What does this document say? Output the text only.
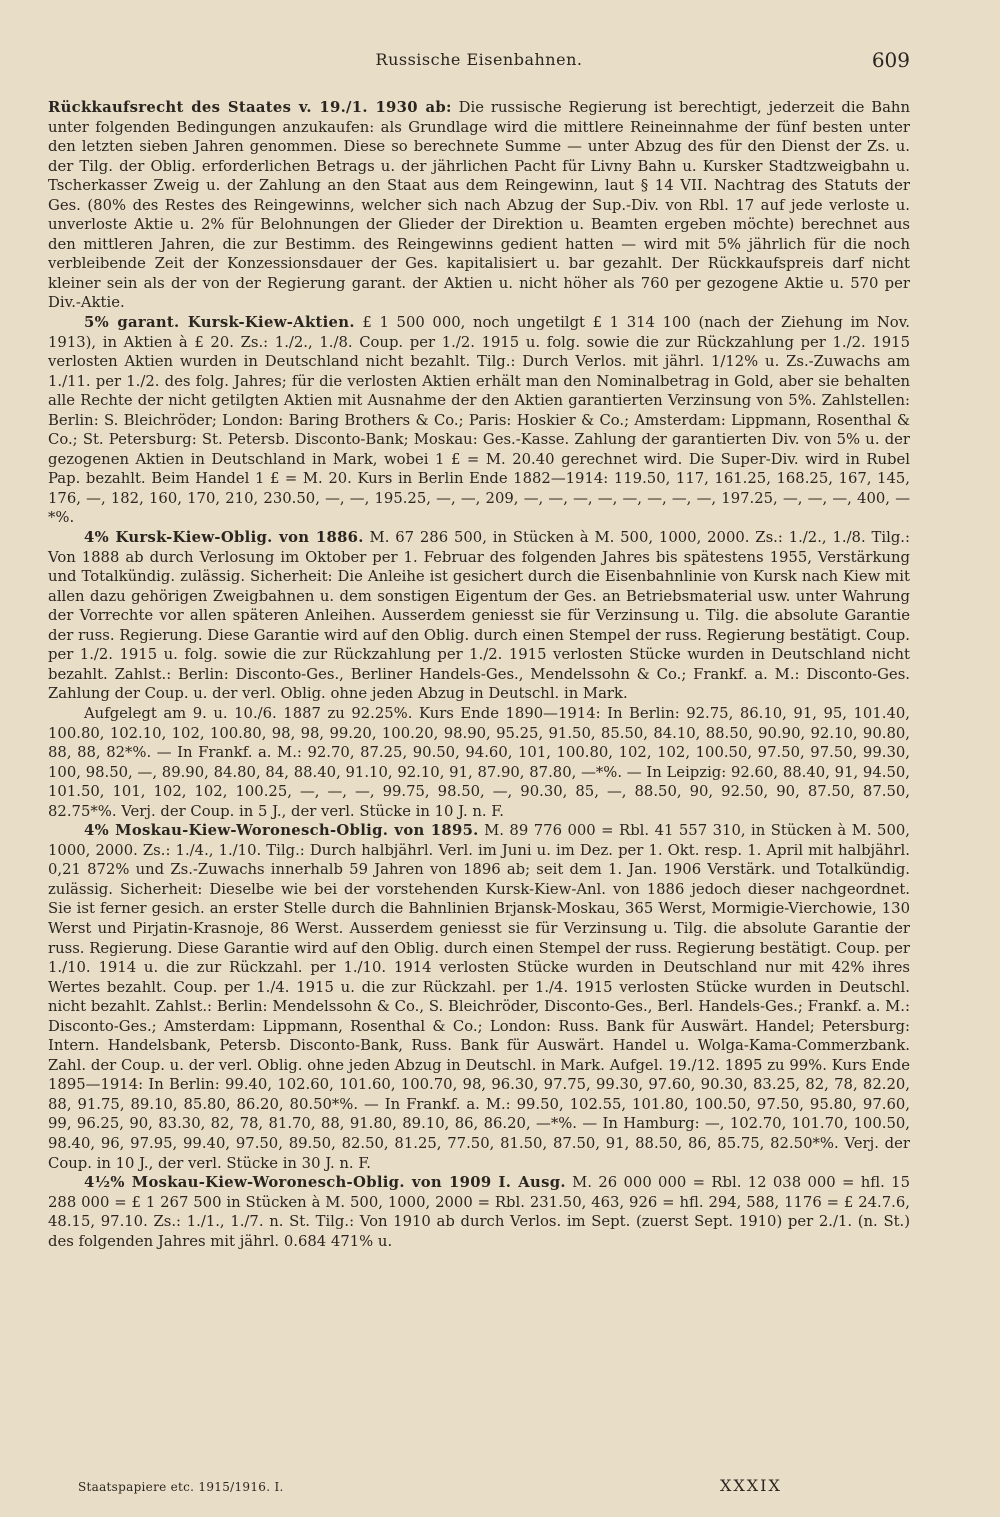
Russische Eisenbahnen.	609

Rückkaufsrecht des Staates v. 19./1. 1930 ab: Die russische Regierung ist berechtigt, jederzeit die Bahn unter folgenden Bedingungen anzukaufen: als Grundlage wird die mittlere Reineinnahme der fünf besten unter den letzten sieben Jahren genommen. Diese so berechnete Summe — unter Abzug des für den Dienst der Zs. u. der Tilg. der Oblig. erforderlichen Betrags u. der jährlichen Pacht für Livny Bahn u. Kursker Stadtzweigbahn u. Tscherkasser Zweig u. der Zahlung an den Staat aus dem Reingewinn, laut § 14 VII. Nachtrag des Statuts der Ges. (80% des Restes des Reingewinns, welcher sich nach Abzug der Sup.-Div. von Rbl. 17 auf jede verloste u. unverloste Aktie u. 2% für Belohnungen der Glieder der Direktion u. Beamten ergeben möchte) berechnet aus den mittleren Jahren, die zur Bestimm. des Reingewinns gedient hatten — wird mit 5% jährlich für die noch verbleibende Zeit der Konzessionsdauer der Ges. kapitalisiert u. bar gezahlt. Der Rückkaufspreis darf nicht kleiner sein als der von der Regierung garant. der Aktien u. nicht höher als 760 per gezogene Aktie u. 570 per Div.-Aktie.

5% garant. Kursk-Kiew-Aktien. £ 1 500 000, noch ungetilgt £ 1 314 100 (nach der Ziehung im Nov. 1913), in Aktien à £ 20. Zs.: 1./2., 1./8. Coup. per 1./2. 1915 u. folg. sowie die zur Rückzahlung per 1./2. 1915 verlosten Aktien wurden in Deutschland nicht bezahlt. Tilg.: Durch Verlos. mit jährl. 1/12% u. Zs.-Zuwachs am 1./11. per 1./2. des folg. Jahres; für die verlosten Aktien erhält man den Nominalbetrag in Gold, aber sie behalten alle Rechte der nicht getilgten Aktien mit Ausnahme der den Aktien garantierten Verzinsung von 5%. Zahlstellen: Berlin: S. Bleichröder; London: Baring Brothers & Co.; Paris: Hoskier & Co.; Amsterdam: Lippmann, Rosenthal & Co.; St. Petersburg: St. Petersb. Disconto-Bank; Moskau: Ges.-Kasse. Zahlung der garantierten Div. von 5% u. der gezogenen Aktien in Deutschland in Mark, wobei 1 £ = M. 20.40 gerechnet wird. Die Super-Div. wird in Rubel Pap. bezahlt. Beim Handel 1 £ = M. 20. Kurs in Berlin Ende 1882—1914: 119.50, 117, 161.25, 168.25, 167, 145, 176, —, 182, 160, 170, 210, 230.50, —, —, 195.25, —, —, 209, —, —, —, —, —, —, —, —, 197.25, —, —, —, 400, —*%.

4% Kursk-Kiew-Oblig. von 1886. M. 67 286 500, in Stücken à M. 500, 1000, 2000. Zs.: 1./2., 1./8. Tilg.: Von 1888 ab durch Verlosung im Oktober per 1. Februar des folgenden Jahres bis spätestens 1955, Verstärkung und Totalkündig. zulässig. Sicherheit: Die Anleihe ist gesichert durch die Eisenbahnlinie von Kursk nach Kiew mit allen dazu gehörigen Zweigbahnen u. dem sonstigen Eigentum der Ges. an Betriebsmaterial usw. unter Wahrung der Vorrechte vor allen späteren Anleihen. Ausserdem geniesst sie für Verzinsung u. Tilg. die absolute Garantie der russ. Regierung. Diese Garantie wird auf den Oblig. durch einen Stempel der russ. Regierung bestätigt. Coup. per 1./2. 1915 u. folg. sowie die zur Rückzahlung per 1./2. 1915 verlosten Stücke wurden in Deutschland nicht bezahlt. Zahlst.: Berlin: Disconto-Ges., Berliner Handels-Ges., Mendelssohn & Co.; Frankf. a. M.: Disconto-Ges. Zahlung der Coup. u. der verl. Oblig. ohne jeden Abzug in Deutschl. in Mark.

Aufgelegt am 9. u. 10./6. 1887 zu 92.25%. Kurs Ende 1890—1914: In Berlin: 92.75, 86.10, 91, 95, 101.40, 100.80, 102.10, 102, 100.80, 98, 98, 99.20, 100.20, 98.90, 95.25, 91.50, 85.50, 84.10, 88.50, 90.90, 92.10, 90.80, 88, 88, 82*%. — In Frankf. a. M.: 92.70, 87.25, 90.50, 94.60, 101, 100.80, 102, 102, 100.50, 97.50, 97.50, 99.30, 100, 98.50, —, 89.90, 84.80, 84, 88.40, 91.10, 92.10, 91, 87.90, 87.80, —*%. — In Leipzig: 92.60, 88.40, 91, 94.50, 101.50, 101, 102, 102, 100.25, —, —, —, 99.75, 98.50, —, 90.30, 85, —, 88.50, 90, 92.50, 90, 87.50, 87.50, 82.75*%. Verj. der Coup. in 5 J., der verl. Stücke in 10 J. n. F.

4% Moskau-Kiew-Woronesch-Oblig. von 1895. M. 89 776 000 = Rbl. 41 557 310, in Stücken à M. 500, 1000, 2000. Zs.: 1./4., 1./10. Tilg.: Durch halbjährl. Verl. im Juni u. im Dez. per 1. Okt. resp. 1. April mit halbjährl. 0,21 872% und Zs.-Zuwachs innerhalb 59 Jahren von 1896 ab; seit dem 1. Jan. 1906 Verstärk. und Totalkündig. zulässig. Sicherheit: Dieselbe wie bei der vorstehenden Kursk-Kiew-Anl. von 1886 jedoch dieser nachgeordnet. Sie ist ferner gesich. an erster Stelle durch die Bahnlinien Brjansk-Moskau, 365 Werst, Mormigie-Vierchowie, 130 Werst und Pirjatin-Krasnoje, 86 Werst. Ausserdem geniesst sie für Verzinsung u. Tilg. die absolute Garantie der russ. Regierung. Diese Garantie wird auf den Oblig. durch einen Stempel der russ. Regierung bestätigt. Coup. per 1./10. 1914 u. die zur Rückzahl. per 1./10. 1914 verlosten Stücke wurden in Deutschland nur mit 42% ihres Wertes bezahlt. Coup. per 1./4. 1915 u. die zur Rückzahl. per 1./4. 1915 verlosten Stücke wurden in Deutschl. nicht bezahlt. Zahlst.: Berlin: Mendelssohn & Co., S. Bleichröder, Disconto-Ges., Berl. Handels-Ges.; Frankf. a. M.: Disconto-Ges.; Amsterdam: Lippmann, Rosenthal & Co.; London: Russ. Bank für Auswärt. Handel; Petersburg: Intern. Handelsbank, Petersb. Disconto-Bank, Russ. Bank für Auswärt. Handel u. Wolga-Kama-Commerzbank. Zahl. der Coup. u. der verl. Oblig. ohne jeden Abzug in Deutschl. in Mark. Aufgel. 19./12. 1895 zu 99%. Kurs Ende 1895—1914: In Berlin: 99.40, 102.60, 101.60, 100.70, 98, 96.30, 97.75, 99.30, 97.60, 90.30, 83.25, 82, 78, 82.20, 88, 91.75, 89.10, 85.80, 86.20, 80.50*%. — In Frankf. a. M.: 99.50, 102.55, 101.80, 100.50, 97.50, 95.80, 97.60, 99, 96.25, 90, 83.30, 82, 78, 81.70, 88, 91.80, 89.10, 86, 86.20, —*%. — In Hamburg: —, 102.70, 101.70, 100.50, 98.40, 96, 97.95, 99.40, 97.50, 89.50, 82.50, 81.25, 77.50, 81.50, 87.50, 91, 88.50, 86, 85.75, 82.50*%. Verj. der Coup. in 10 J., der verl. Stücke in 30 J. n. F.

4½% Moskau-Kiew-Woronesch-Oblig. von 1909 I. Ausg. M. 26 000 000 = Rbl. 12 038 000 = hfl. 15 288 000 = £ 1 267 500 in Stücken à M. 500, 1000, 2000 = Rbl. 231.50, 463, 926 = hfl. 294, 588, 1176 = £ 24.7.6, 48.15, 97.10. Zs.: 1./1., 1./7. n. St. Tilg.: Von 1910 ab durch Verlos. im Sept. (zuerst Sept. 1910) per 2./1. (n. St.) des folgenden Jahres mit jährl. 0.684 471% u.

Staatspapiere etc. 1915/1916. I.	XXXIX
